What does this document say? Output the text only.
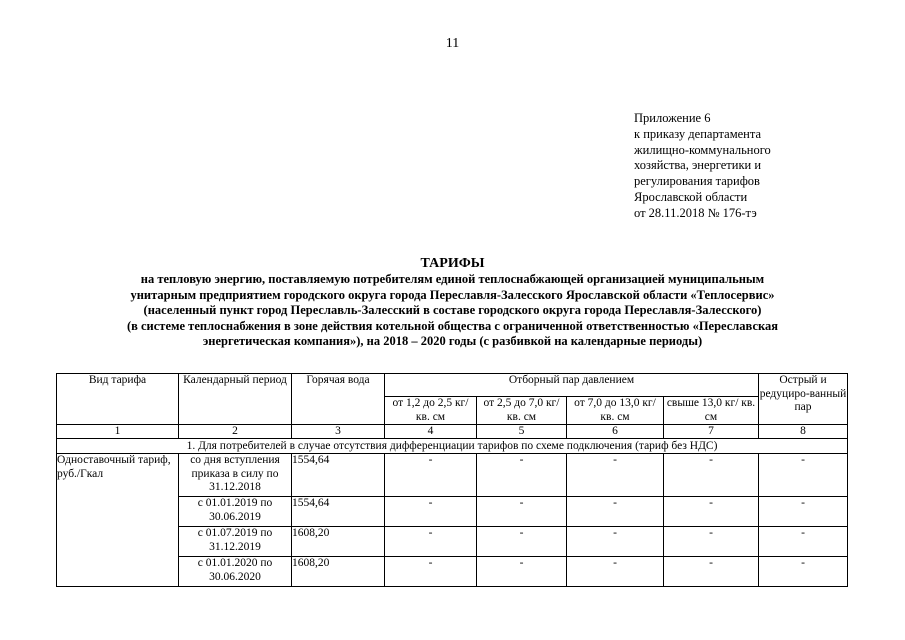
11
Приложение 6
к приказу департамента
жилищно-коммунального
хозяйства, энергетики и
регулирования тарифов
Ярославской области
от 28.11.2018 № 176-тэ
ТАРИФЫ
на тепловую энергию, поставляемую потребителям единой теплоснабжающей организацией муниципальным
унитарным предприятием городского округа города Переславля-Залесского Ярославской области «Теплосервис»
(населенный пункт город Переславль-Залесский в составе городского округа города Переславля-Залесского)
(в системе теплоснабжения в зоне действия котельной общества с ограниченной ответственностью «Переславская
энергетическая компания»), на 2018 – 2020 годы (с разбивкой на календарные периоды)
Вид тарифа	Календарный период	Горячая вода	Отборный пар давлением				Острый и редуциро-ванный пар
			от 1,2 до 2,5 кг/ кв. см	от 2,5 до 7,0 кг/ кв. см	от 7,0 до 13,0 кг/ кв. см	свыше 13,0 кг/ кв. см	
1	2	3	4	5	6	7	8
1. Для потребителей в случае отсутствия дифференциации тарифов по схеме подключения (тариф без НДС)							
Одноставочный тариф, руб./Гкал	со дня вступления приказа в силу по 31.12.2018	1554,64	-	-	-	-	-
	с 01.01.2019 по 30.06.2019	1554,64	-	-	-	-	-
	с 01.07.2019 по 31.12.2019	1608,20	-	-	-	-	-
	с 01.01.2020 по 30.06.2020	1608,20	-	-	-	-	-
